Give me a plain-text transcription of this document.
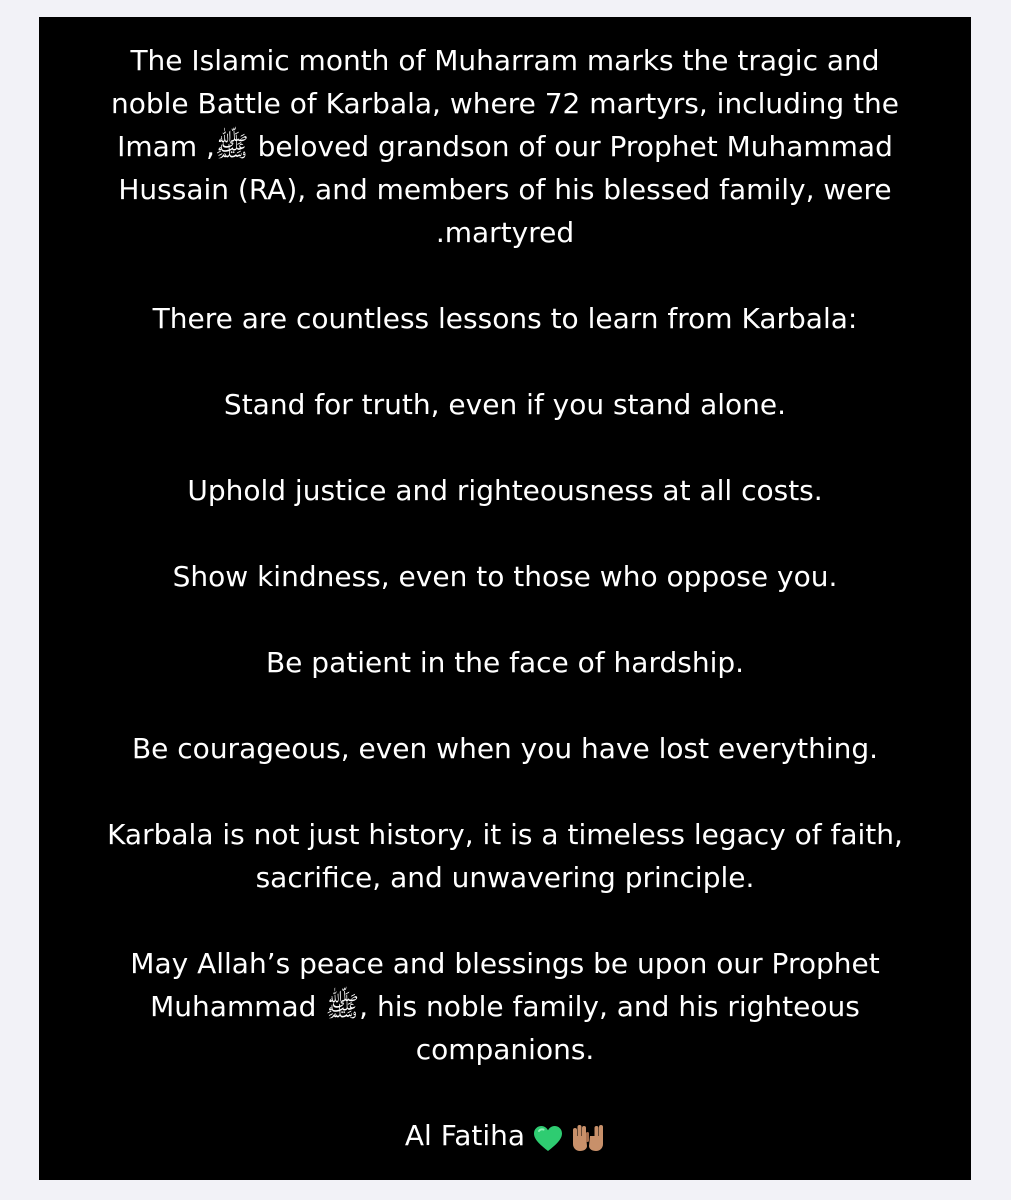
The Islamic month of Muharram marks the tragic and noble Battle of Karbala, where 72 martyrs, including the Imam ,ﷺ beloved grandson of our Prophet Muhammad Hussain (RA), and members of his blessed family, were .martyred

There are countless lessons to learn from Karbala:

Stand for truth, even if you stand alone.

Uphold justice and righteousness at all costs.

Show kindness, even to those who oppose you.

Be patient in the face of hardship.

Be courageous, even when you have lost everything.

Karbala is not just history, it is a timeless legacy of faith, sacrifice, and unwavering principle.

May Allah’s peace and blessings be upon our Prophet Muhammad ﷺ, his noble family, and his righteous companions.

Al Fatiha
